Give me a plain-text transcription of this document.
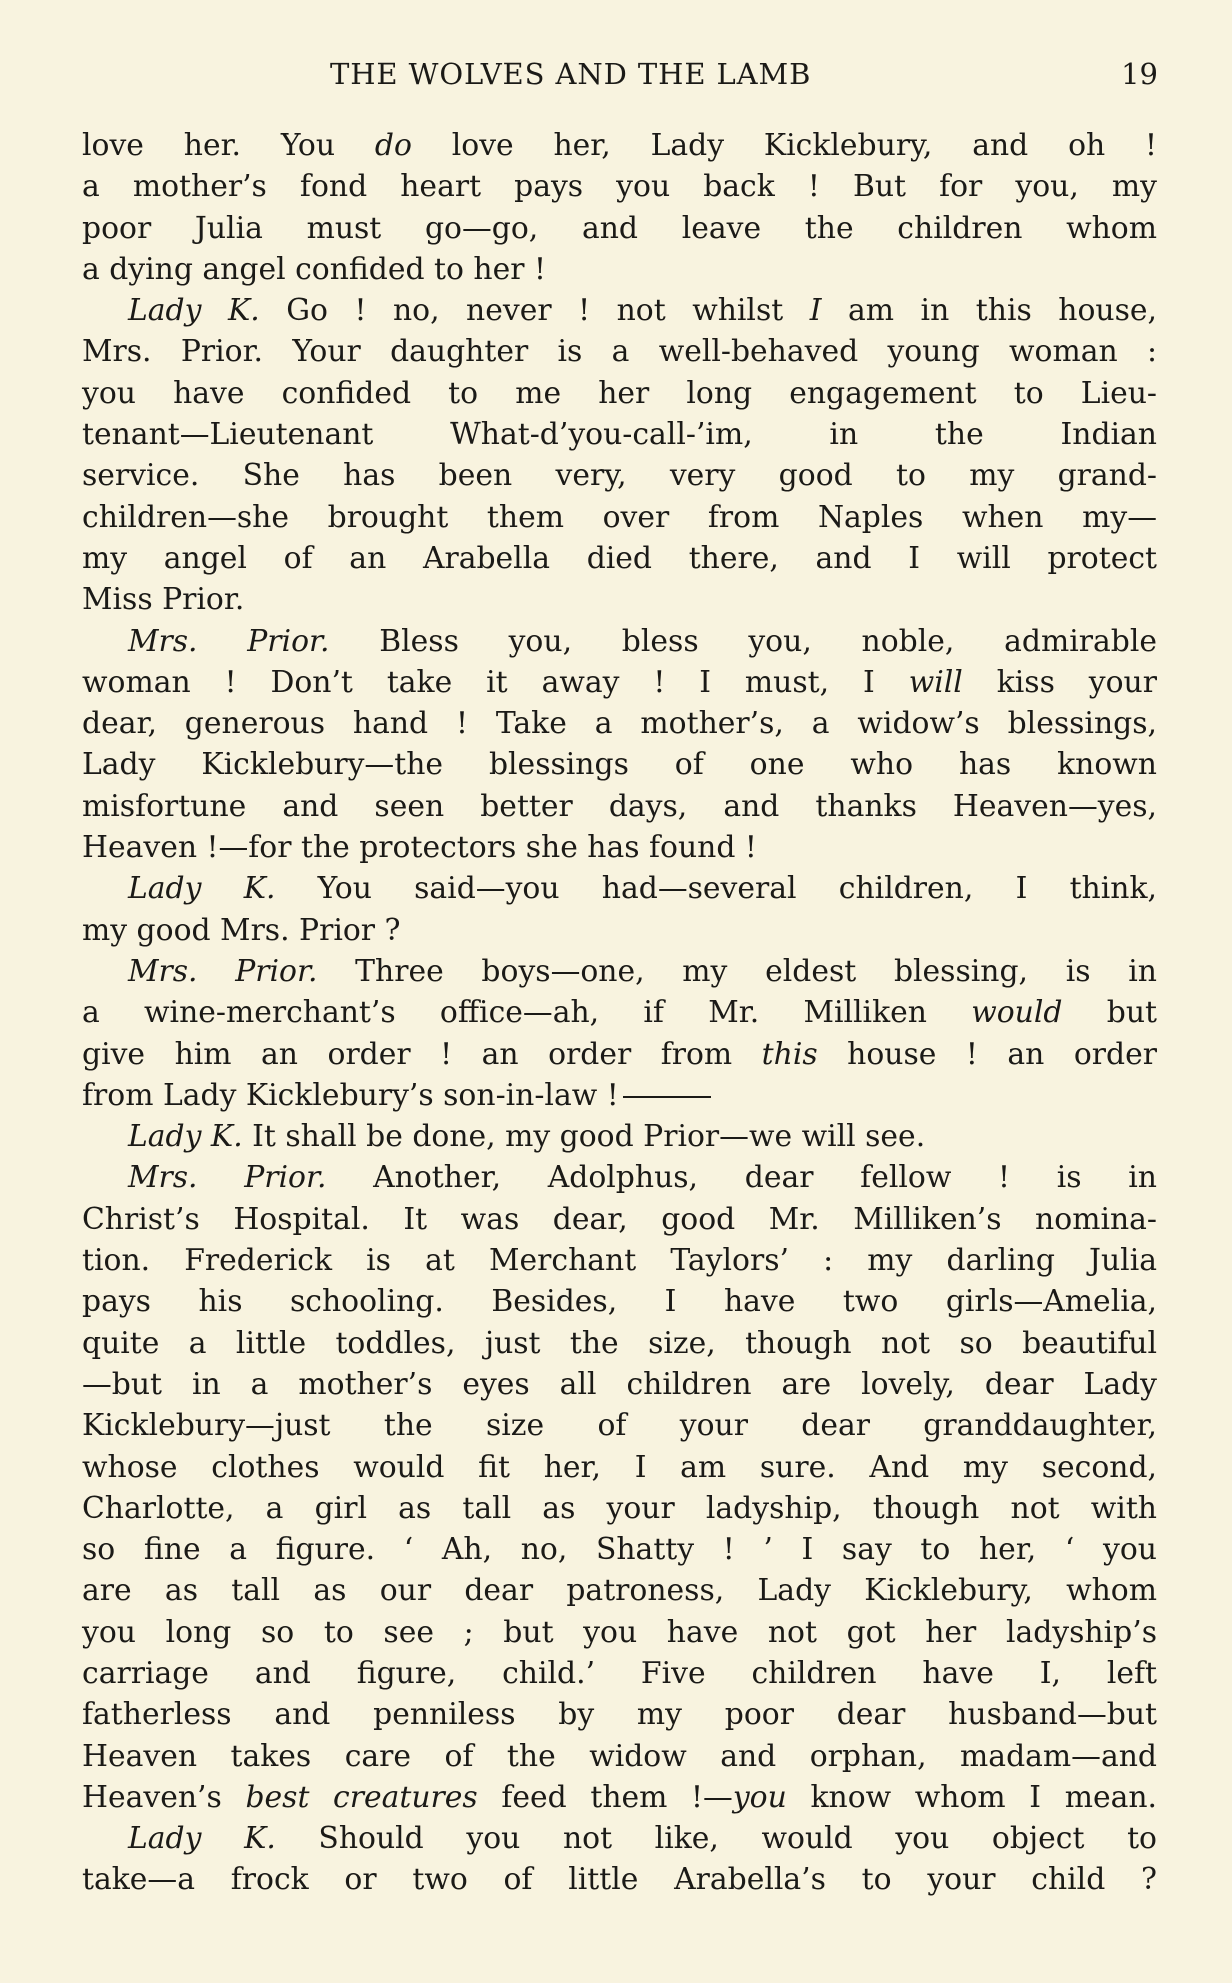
THE WOLVES AND THE LAMB	19
love her. You do love her, Lady Kicklebury, and oh !
a mother’s fond heart pays you back ! But for you, my
poor Julia must go—go, and leave the children whom
a dying angel confided to her !
Lady K. Go ! no, never ! not whilst I am in this house,
Mrs. Prior. Your daughter is a well-behaved young woman :
you have confided to me her long engagement to Lieu-
tenant—Lieutenant What-d’you-call-’im, in the Indian
service. She has been very, very good to my grand-
children—she brought them over from Naples when my—
my angel of an Arabella died there, and I will protect
Miss Prior.
Mrs. Prior. Bless you, bless you, noble, admirable
woman ! Don’t take it away ! I must, I will kiss your
dear, generous hand ! Take a mother’s, a widow’s blessings,
Lady Kicklebury—the blessings of one who has known
misfortune and seen better days, and thanks Heaven—yes,
Heaven !—for the protectors she has found !
Lady K. You said—you had—several children, I think,
my good Mrs. Prior ?
Mrs. Prior. Three boys—one, my eldest blessing, is in
a wine-merchant’s office—ah, if Mr. Milliken would but
give him an order ! an order from this house ! an order
from Lady Kicklebury’s son-in-law !
Lady K. It shall be done, my good Prior—we will see.
Mrs. Prior. Another, Adolphus, dear fellow ! is in
Christ’s Hospital. It was dear, good Mr. Milliken’s nomina-
tion. Frederick is at Merchant Taylors’ : my darling Julia
pays his schooling. Besides, I have two girls—Amelia,
quite a little toddles, just the size, though not so beautiful
—but in a mother’s eyes all children are lovely, dear Lady
Kicklebury—just the size of your dear granddaughter,
whose clothes would fit her, I am sure. And my second,
Charlotte, a girl as tall as your ladyship, though not with
so fine a figure. ‘ Ah, no, Shatty ! ’ I say to her, ‘ you
are as tall as our dear patroness, Lady Kicklebury, whom
you long so to see ; but you have not got her ladyship’s
carriage and figure, child.’ Five children have I, left
fatherless and penniless by my poor dear husband—but
Heaven takes care of the widow and orphan, madam—and
Heaven’s best creatures feed them !—you know whom I mean.
Lady K. Should you not like, would you object to
take—a frock or two of little Arabella’s to your child ?
